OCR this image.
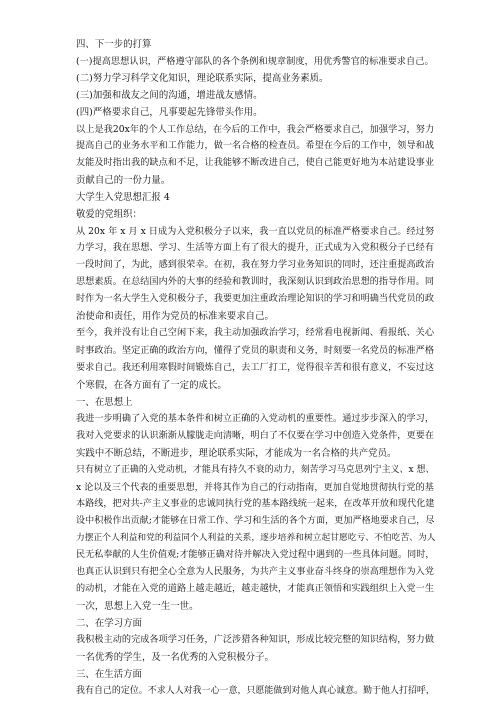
四、下一步的打算
(一)提高思想认识，严格遵守部队的各个条例和规章制度，用优秀警官的标准要求自己。
(二)努力学习科学文化知识，理论联系实际，提高业务素质。
(三)加强和战友之间的沟通，增进战友感情。
(四)严格要求自己，凡事要起先锋带头作用。
以上是我20x年的个人工作总结，在今后的工作中，我会严格要求自己，加强学习，努力
提高自己的业务水平和工作能力，做一名合格的检查员。希望在今后的工作中，领导和战
友能及时指出我的缺点和不足，让我能够不断改进自己，使自己能更好地为本站建设事业
贡献自己的一份力量。
大学生入党思想汇报 4
敬爱的党组织：
从 20x 年 x 月 x 日成为入党积极分子以来，我一直以党员的标准严格要求自己。经过努
力学习，我在思想、学习、生活等方面上有了很大的提升，正式成为入党积极分子已经有
一段时间了，为此，感到很荣幸。在初，我在努力学习业务知识的同时，还注重提高政治
思想素质。在总结国内外的大事的经验和教训时，我深刻认识到政治思想的指导作用。同
时作为一名大学生入党积极分子，我要更加注重政治理论知识的学习和明确当代党员的政
治使命和责任，用作为党员的标准来要求自己。
至今，我并没有让自己空闲下来，我主动加强政治学习，经常看电视新闻、看报纸、关心
时事政治。坚定正确的政治方向，懂得了党员的职责和义务，时刻要一名党员的标准严格
要求自己。我还利用寒假时间锻炼自己，去工厂打工，觉得很辛苦和很有意义，不妄过这
个寒假，在各方面有了一定的成长。
一、在思想上
我进一步明确了入党的基本条件和树立正确的入党动机的重要性。通过步步深入的学习，
我对入党要求的认识渐渐从朦胧走向清晰，明白了不仅要在学习中创造入党条件，更要在
实践中不断总结，不断进步，理论联系实际，才能成为一名合格的共产党员。
只有树立了正确的入党动机，才能具有持久不衰的动力，刻苦学习马克思列宁主义、x 想、
x 论以及三个代表的重要思想，并将其作为自己的行动指南，更加自觉地贯彻执行党的基
本路线，把对共-产主义事业的忠诚同执行党的基本路线统一起来，在改革开放和现代化建
设中积极作出贡献;才能够在日常工作、学习和生活的各个方面，更加严格地要求自己，尽
力摆正个人利益和党的利益同个人利益的关系，逐步培养和树立起甘愿吃亏、不怕吃苦、为人
民无私奉献的人生价值观;才能够正确对待并解决入党过程中遇到的一些具体问题。同时，
也真正认识到只有把全心全意为人民服务，为共产主义事业奋斗终身的崇高理想作为入党
的动机，才能在入党的道路上越走越近，越走越快，才能真正领悟和实践组织上入党一生
一次，思想上入党一生一世。
二、在学习方面
我积极主动的完成各项学习任务，广泛涉猎各种知识，形成比较完整的知识结构，努力做
一名优秀的学生，及一名优秀的入党积极分子。
三、在生活方面
我有自己的定位。不求人人对我一心一意，只愿能做到对他人真心诚意。勤于他人打招呼，
